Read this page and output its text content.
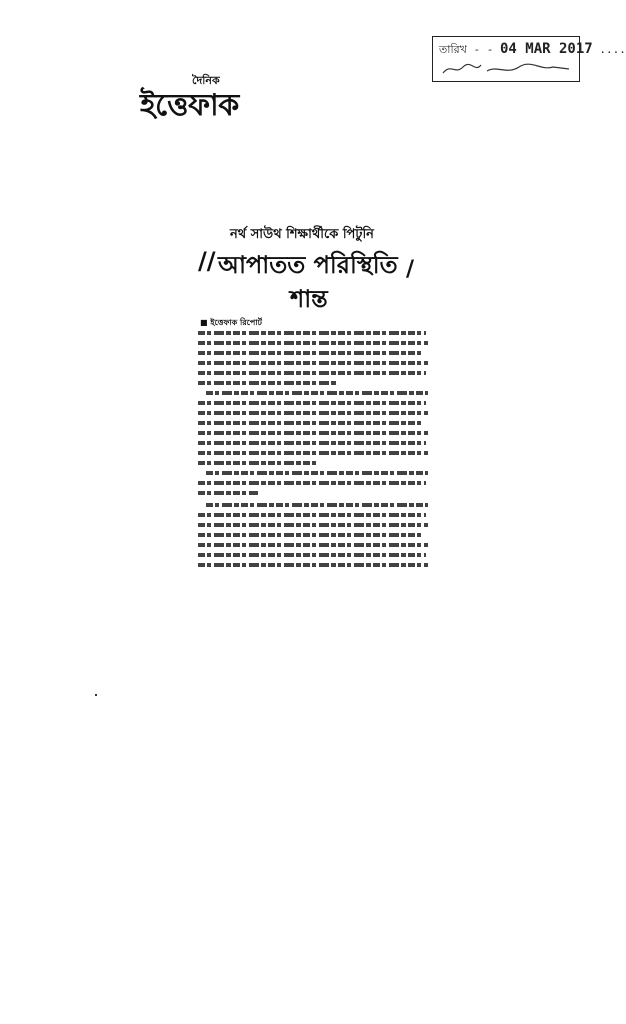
দৈনিক
ইত্তেফাক
তারিখ - - 04 MAR 2017 ....
নর্থ সাউথ শিক্ষার্থীকে পিটুনি
// আপাতত পরিস্থিতি /
শান্ত
■ ইত্তেফাক রিপোর্ট
